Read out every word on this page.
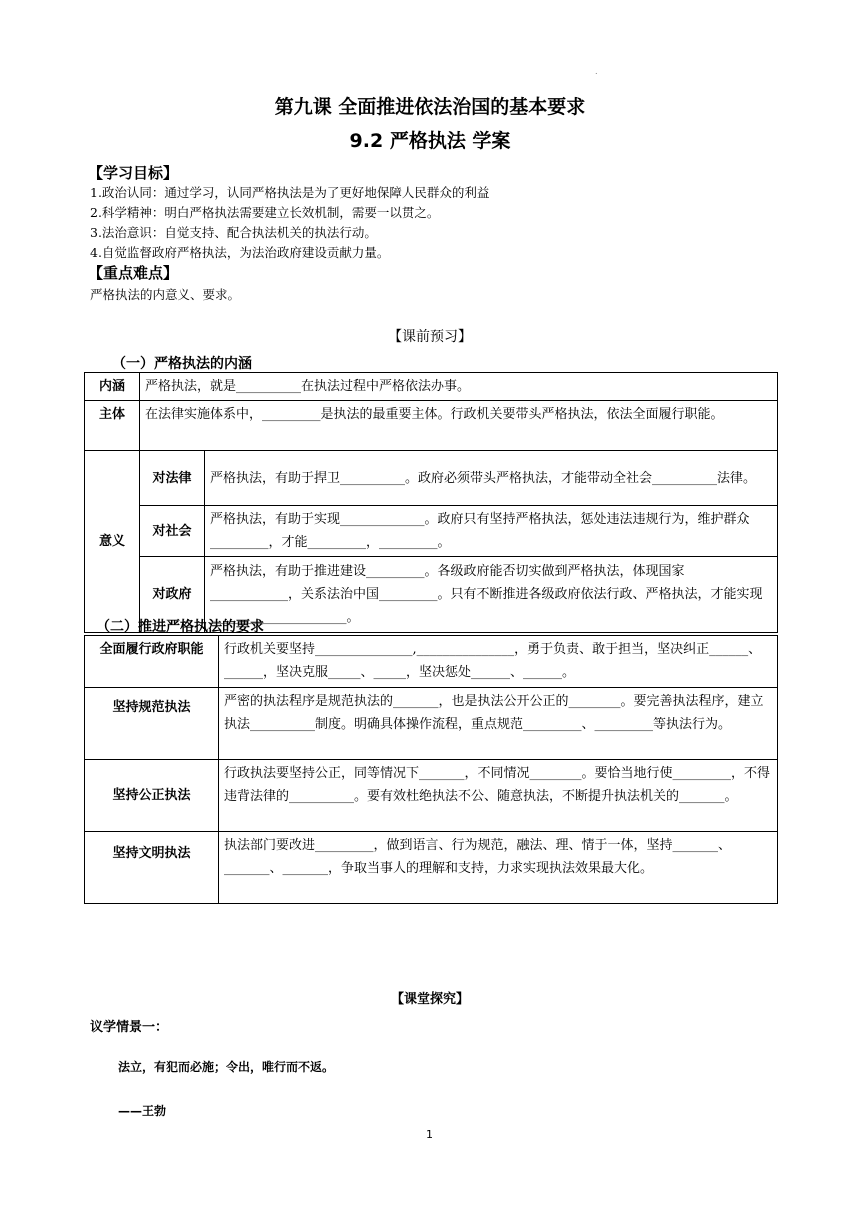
.
第九课 全面推进依法治国的基本要求
9.2 严格执法 学案
【学习目标】
1.政治认同：通过学习，认同严格执法是为了更好地保障人民群众的利益
2.科学精神：明白严格执法需要建立长效机制，需要一以贯之。
3.法治意识：自觉支持、配合执法机关的执法行动。
4.自觉监督政府严格执法，为法治政府建设贡献力量。
【重点难点】
严格执法的内意义、要求。
【课前预习】
（一）严格执法的内涵
内涵	严格执法，就是__________在执法过程中严格依法办事。	
主体	在法律实施体系中，_________是执法的最重要主体。行政机关要带头严格执法，依法全面履行职能。	
意义	对法律	严格执法，有助于捍卫__________。政府必须带头严格执法，才能带动全社会__________法律。
	对社会	严格执法，有助于实现_____________。政府只有坚持严格执法，惩处违法违规行为，维护群众_________，才能_________，_________。
	对政府	严格执法，有助于推进建设_________。各级政府能否切实做到严格执法，体现国家____________，关系法治中国_________。只有不断推进各级政府依法行政、严格执法，才能实现_____________________。
（二）推进严格执法的要求
全面履行政府职能	行政机关要坚持_______________,_______________，勇于负责、敢于担当，坚决纠正______、______，坚决克服_____、_____，坚决惩处______、______。
坚持规范执法	严密的执法程序是规范执法的_______，也是执法公开公正的________。要完善执法程序，建立执法__________制度。明确具体操作流程，重点规范_________、_________等执法行为。
坚持公正执法	行政执法要坚持公正，同等情况下_______，不同情况________。要恰当地行使_________，不得违背法律的__________。要有效杜绝执法不公、随意执法，不断提升执法机关的_______。
坚持文明执法	执法部门要改进_________，做到语言、行为规范，融法、理、情于一体，坚持_______、_______、_______，争取当事人的理解和支持，力求实现执法效果最大化。
【课堂探究】
议学情景一：
法立，有犯而必施；令出，唯行而不返。
——王勃
1
